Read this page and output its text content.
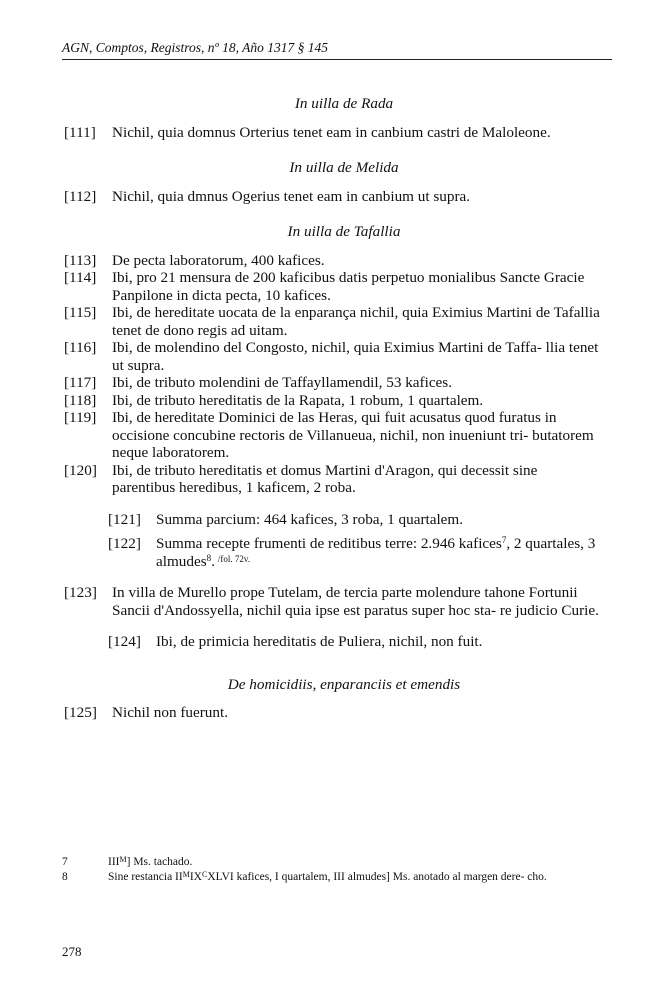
AGN, Comptos, Registros, nº 18, Año 1317 § 145
In uilla de Rada
[111]	Nichil, quia domnus Orterius tenet eam in canbium castri de Maloleone.
In uilla de Melida
[112]	Nichil, quia dmnus Ogerius tenet eam in canbium ut supra.
In uilla de Tafallia
[113]	De pecta laboratorum, 400 kafices.
[114]	Ibi, pro 21 mensura de 200 kaficibus datis perpetuo monialibus Sancte Gracie Panpilone in dicta pecta, 10 kafices.
[115]	Ibi, de hereditate uocata de la enparança nichil, quia Eximius Martini de Tafallia tenet de dono regis ad uitam.
[116]	Ibi, de molendino del Congosto, nichil, quia Eximius Martini de Taffa- llia tenet ut supra.
[117]	Ibi, de tributo molendini de Taffayllamendil, 53 kafices.
[118]	Ibi, de tributo hereditatis de la Rapata, 1 robum, 1 quartalem.
[119]	Ibi, de hereditate Dominici de las Heras, qui fuit acusatus quod furatus in occisione concubine rectoris de Villanueua, nichil, non inueniunt tri- butatorem neque laboratorem.
[120] Ibi, de tributo hereditatis et domus Martini d'Aragon, qui decessit sine parentibus heredibus, 1 kaficem, 2 roba.
[121] Summa parcium: 464 kafices, 3 roba, 1 quartalem.
[122] Summa recepte frumenti de reditibus terre: 2.946 kafices$^7$, 2 quartales, 3 almudes$^8$. $^{/fol. 72v.}$
[123] In villa de Murello prope Tutelam, de tercia parte molendure tahone Fortunii Sancii d'Andossyella, nichil quia ipse est paratus super hoc sta- re judicio Curie.
[124] Ibi, de primicia hereditatis de Puliera, nichil, non fuit.
De homicidiis, enparanciis et emendis
[125] Nichil non fuerunt.
7	$III^M$] Ms. tachado.
8	Sine restancia $II^MIX^CXLVI$ kafices, I quartalem, III almudes] Ms. anotado al margen dere- cho.
278
